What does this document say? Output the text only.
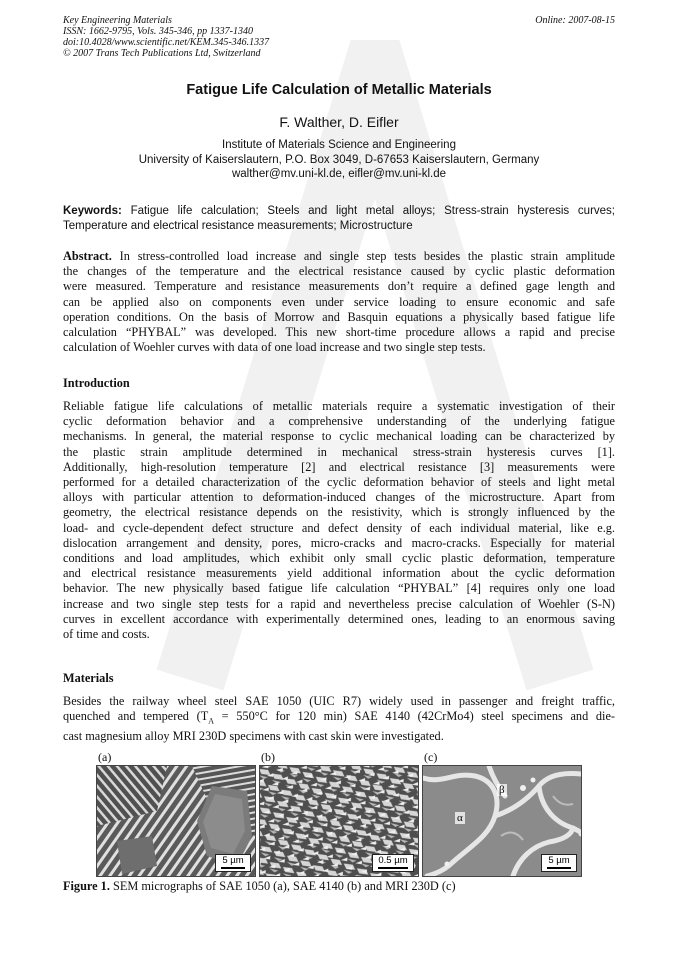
Key Engineering Materials
ISSN: 1662-9795, Vols. 345-346, pp 1337-1340
doi:10.4028/www.scientific.net/KEM.345-346.1337
© 2007 Trans Tech Publications Ltd, Switzerland
Online: 2007-08-15
Fatigue Life Calculation of Metallic Materials
F. Walther, D. Eifler
Institute of Materials Science and Engineering
University of Kaiserslautern, P.O. Box 3049, D-67653 Kaiserslautern, Germany
walther@mv.uni-kl.de, eifler@mv.uni-kl.de
Keywords: Fatigue life calculation; Steels and light metal alloys; Stress-strain hysteresis curves; Temperature and electrical resistance measurements; Microstructure
Abstract. In stress-controlled load increase and single step tests besides the plastic strain amplitude
the changes of the temperature and the electrical resistance caused by cyclic plastic deformation
were measured. Temperature and resistance measurements don’t require a defined gage length and
can be applied also on components even under service loading to ensure economic and safe
operation conditions. On the basis of Morrow and Basquin equations a physically based fatigue life
calculation “PHYBAL” was developed. This new short-time procedure allows a rapid and precise
calculation of Woehler curves with data of one load increase and two single step tests.
Introduction
Reliable fatigue life calculations of metallic materials require a systematic investigation of their
cyclic deformation behavior and a comprehensive understanding of the underlying fatigue
mechanisms. In general, the material response to cyclic mechanical loading can be characterized by
the plastic strain amplitude determined in mechanical stress-strain hysteresis curves [1].
Additionally, high-resolution temperature [2] and electrical resistance [3] measurements were
performed for a detailed characterization of the cyclic deformation behavior of steels and light metal
alloys with particular attention to deformation-induced changes of the microstructure. Apart from
geometry, the electrical resistance depends on the resistivity, which is strongly influenced by the
load- and cycle-dependent defect structure and defect density of each individual material, like e.g.
dislocation arrangement and density, pores, micro-cracks and macro-cracks. Especially for material
conditions and load amplitudes, which exhibit only small cyclic plastic deformation, temperature
and electrical resistance measurements yield additional information about the cyclic deformation
behavior. The new physically based fatigue life calculation “PHYBAL” [4] requires only one load
increase and two single step tests for a rapid and nevertheless precise calculation of Woehler (S-N)
curves in excellent accordance with experimentally determined ones, leading to an enormous saving
of time and costs.
Materials
Besides the railway wheel steel SAE 1050 (UIC R7) widely used in passenger and freight traffic,
quenched and tempered ($T_A = 550^\circ C$ for 120 min) SAE 4140 (42CrMo4) steel specimens and die-
cast magnesium alloy MRI 230D specimens with cast skin were investigated.
(a)	(b)	(c)
5 µm	0.5 µm
β
α
5 µm
Figure 1. SEM micrographs of SAE 1050 (a), SAE 4140 (b) and MRI 230D (c)
